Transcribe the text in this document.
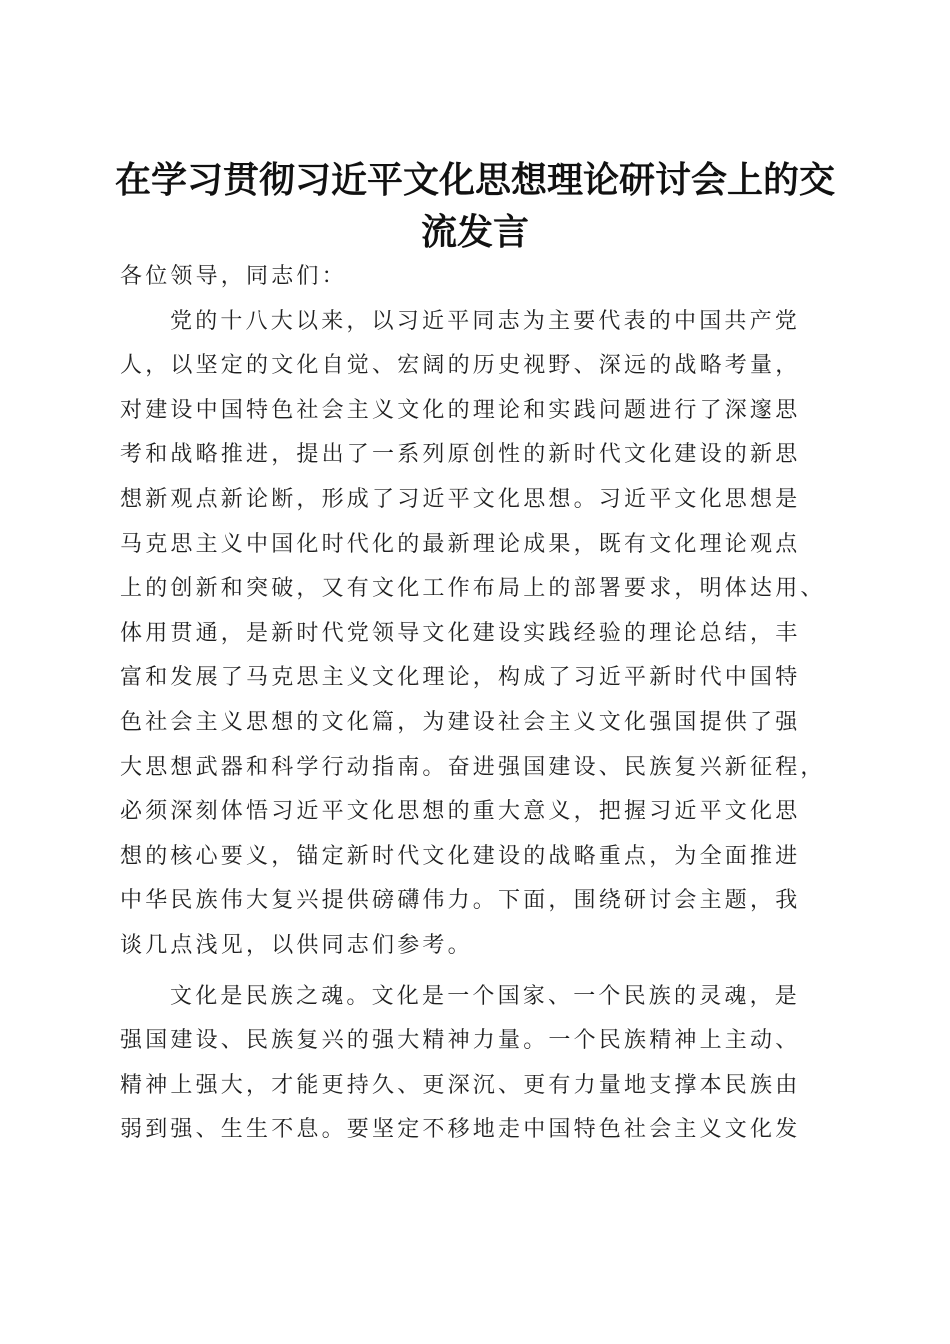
在学习贯彻习近平文化思想理论研讨会上的交
流发言
各位领导，同志们：
党的十八大以来，以习近平同志为主要代表的中国共产党
人，以坚定的文化自觉、宏阔的历史视野、深远的战略考量，
对建设中国特色社会主义文化的理论和实践问题进行了深邃思
考和战略推进，提出了一系列原创性的新时代文化建设的新思
想新观点新论断，形成了习近平文化思想。习近平文化思想是
马克思主义中国化时代化的最新理论成果，既有文化理论观点
上的创新和突破，又有文化工作布局上的部署要求，明体达用、
体用贯通，是新时代党领导文化建设实践经验的理论总结，丰
富和发展了马克思主义文化理论，构成了习近平新时代中国特
色社会主义思想的文化篇，为建设社会主义文化强国提供了强
大思想武器和科学行动指南。奋进强国建设、民族复兴新征程，
必须深刻体悟习近平文化思想的重大意义，把握习近平文化思
想的核心要义，锚定新时代文化建设的战略重点，为全面推进
中华民族伟大复兴提供磅礴伟力。下面，围绕研讨会主题，我
谈几点浅见，以供同志们参考。
文化是民族之魂。文化是一个国家、一个民族的灵魂，是
强国建设、民族复兴的强大精神力量。一个民族精神上主动、
精神上强大，才能更持久、更深沉、更有力量地支撑本民族由
弱到强、生生不息。要坚定不移地走中国特色社会主义文化发
